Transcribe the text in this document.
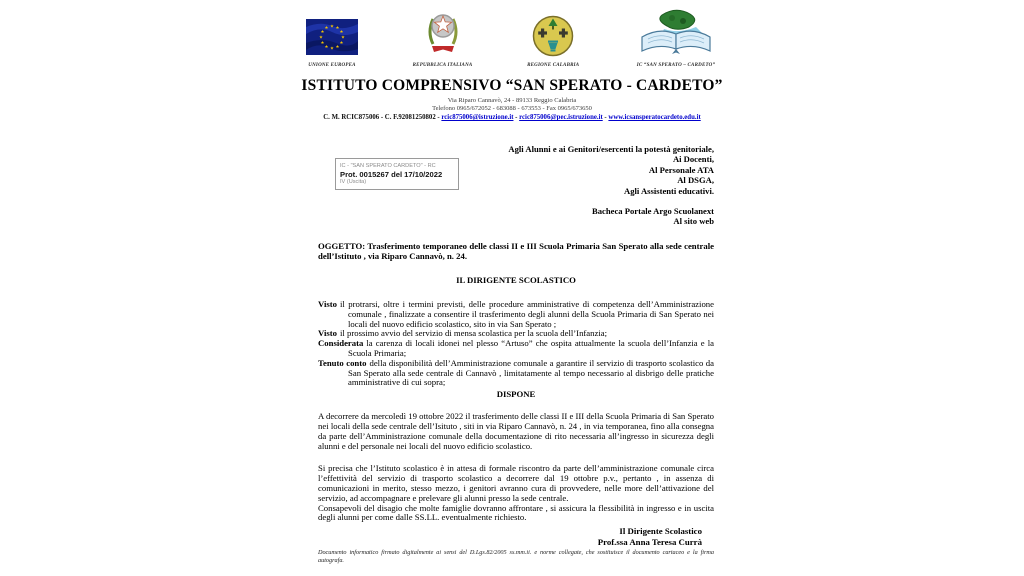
★
★
★
★
★
★
★
★
★ ★ ★
★
UNIONE EUROPEA	REPUBBLICA ITALIANA	REGIONE CALABRIA	IC “SAN SPERATO – CARDETO”
ISTITUTO COMPRENSIVO “SAN SPERATO - CARDETO”
Via Riparo Cannavò, 24 - 89133 Reggio Calabria
Telefono 0965/672052 - 683088 - 673553 - Fax 0965/673650
C. M. RCIC875006 - C. F.92081250802 - rcic875006@istruzione.it - rcic875006@pec.istruzione.it - www.icsansperatocardeto.edu.it
IC - "SAN SPERATO CARDETO" - RC
Prot. 0015267 del 17/10/2022
IV (Uscita)
Agli Alunni e ai Genitori/esercenti la potestà genitoriale,
Ai Docenti,
Al Personale ATA
Al DSGA,
Agli Assistenti educativi.
Bacheca Portale Argo Scuolanext
Al sito web

OGGETTO: Trasferimento temporaneo delle classi II e III Scuola Primaria San Sperato alla sede centrale dell’Istituto , via Riparo Cannavò, n. 24.

IL DIRIGENTE SCOLASTICO

Visto il protrarsi, oltre i termini previsti, delle procedure amministrative di competenza dell’Amministrazione comunale , finalizzate a consentire il trasferimento degli alunni della Scuola Primaria di San Sperato nei locali del nuovo edificio scolastico, sito in via San Sperato ;

Visto il prossimo avvio del servizio di mensa scolastica per la scuola dell’Infanzia;

Considerata la carenza di locali idonei nel plesso “Artuso” che ospita attualmente la scuola dell’Infanzia e la Scuola Primaria;

Tenuto conto della disponibilità dell’Amministrazione comunale a garantire il servizio di trasporto scolastico da San Sperato alla sede centrale di Cannavò , limitatamente al tempo necessario al disbrigo delle pratiche amministrative di cui sopra;

DISPONE

A decorrere da mercoledì 19 ottobre 2022 il trasferimento delle classi II e III della Scuola Primaria di San Sperato nei locali della sede centrale dell’Isituto , siti in via Riparo Cannavò, n. 24 , in via temporanea, fino alla consegna da parte dell’Amministrazione comunale della documentazione di rito necessaria all’ingresso in sicurezza degli alunni e del personale nei locali del nuovo edificio scolastico.

Si precisa che l’Istituto scolastico è in attesa di formale riscontro da parte dell’amministrazione comunale circa l’effettività del servizio di trasporto scolastico a decorrere dal 19 ottobre p.v., pertanto , in assenza di comunicazioni in merito, stesso mezzo, i genitori avranno cura di provvedere, nelle more dell’attivazione del servizio, ad accompagnare e prelevare gli alunni presso la sede centrale.

Consapevoli del disagio che molte famiglie dovranno affrontare , si assicura la flessibilità in ingresso e in uscita degli alunni per come dalle SS.LL. eventualmente richiesto.

Il Dirigente Scolastico
Prof.ssa Anna Teresa Currà

Documento informatico firmato digitalmente ai sensi del D.Lgs.82/2005 ss.mm.ii. e norme collegate, che sostituisce il documento cartaceo e la firma autografa.
